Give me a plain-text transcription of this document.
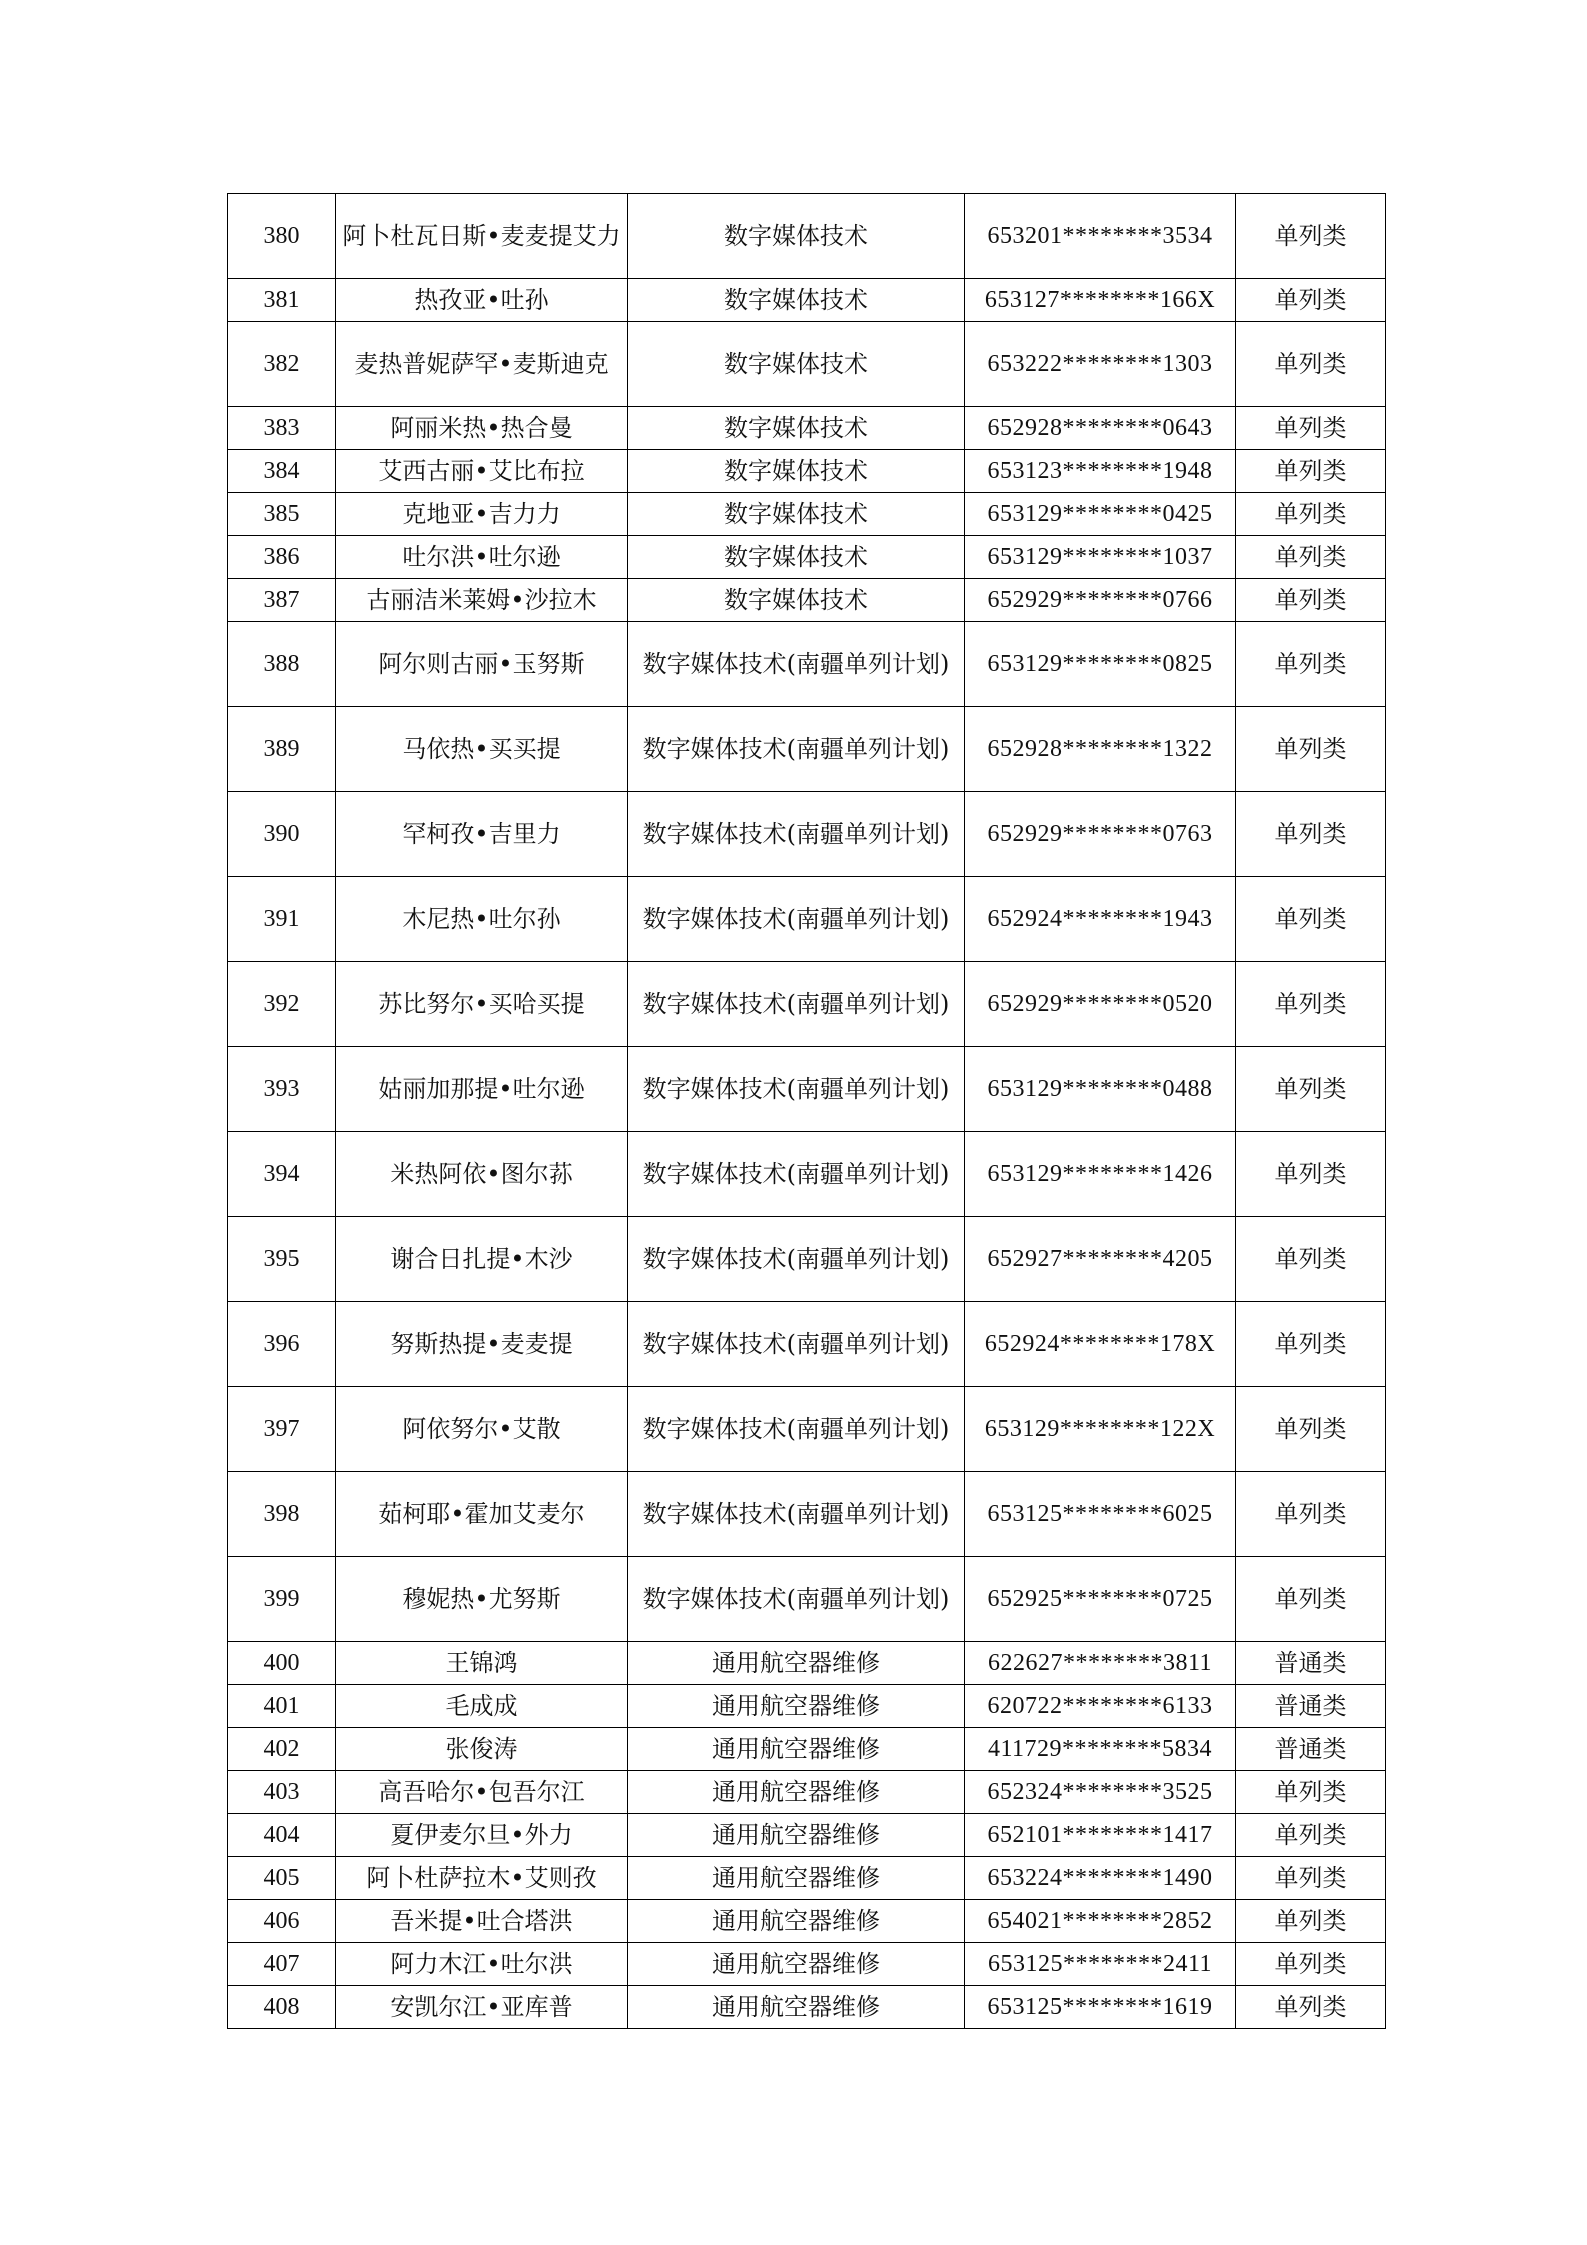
380	阿卜杜瓦日斯•麦麦提艾力	数字媒体技术	653201********3534	单列类
381	热孜亚•吐孙	数字媒体技术	653127********166X	单列类
382	麦热普妮萨罕•麦斯迪克	数字媒体技术	653222********1303	单列类
383	阿丽米热•热合曼	数字媒体技术	652928********0643	单列类
384	艾西古丽•艾比布拉	数字媒体技术	653123********1948	单列类
385	克地亚•吉力力	数字媒体技术	653129********0425	单列类
386	吐尔洪•吐尔逊	数字媒体技术	653129********1037	单列类
387	古丽洁米莱姆•沙拉木	数字媒体技术	652929********0766	单列类
388	阿尔则古丽•玉努斯	数字媒体技术(南疆单列计划)	653129********0825	单列类
389	马依热•买买提	数字媒体技术(南疆单列计划)	652928********1322	单列类
390	罕柯孜•吉里力	数字媒体技术(南疆单列计划)	652929********0763	单列类
391	木尼热•吐尔孙	数字媒体技术(南疆单列计划)	652924********1943	单列类
392	苏比努尔•买哈买提	数字媒体技术(南疆单列计划)	652929********0520	单列类
393	姑丽加那提•吐尔逊	数字媒体技术(南疆单列计划)	653129********0488	单列类
394	米热阿依•图尔荪	数字媒体技术(南疆单列计划)	653129********1426	单列类
395	谢合日扎提•木沙	数字媒体技术(南疆单列计划)	652927********4205	单列类
396	努斯热提•麦麦提	数字媒体技术(南疆单列计划)	652924********178X	单列类
397	阿依努尔•艾散	数字媒体技术(南疆单列计划)	653129********122X	单列类
398	茹柯耶•霍加艾麦尔	数字媒体技术(南疆单列计划)	653125********6025	单列类
399	穆妮热•尤努斯	数字媒体技术(南疆单列计划)	652925********0725	单列类
400	王锦鸿	通用航空器维修	622627********3811	普通类
401	毛成成	通用航空器维修	620722********6133	普通类
402	张俊涛	通用航空器维修	411729********5834	普通类
403	高吾哈尔•包吾尔江	通用航空器维修	652324********3525	单列类
404	夏伊麦尔旦•外力	通用航空器维修	652101********1417	单列类
405	阿卜杜萨拉木•艾则孜	通用航空器维修	653224********1490	单列类
406	吾米提•吐合塔洪	通用航空器维修	654021********2852	单列类
407	阿力木江•吐尔洪	通用航空器维修	653125********2411	单列类
408	安凯尔江•亚库普	通用航空器维修	653125********1619	单列类
